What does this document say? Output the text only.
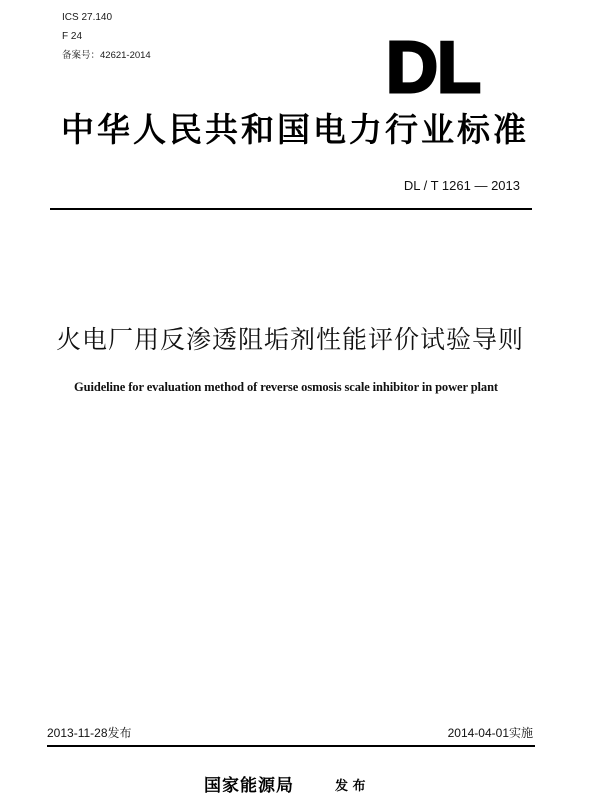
ICS 27.140
F 24
备案号：42621-2014	DL
中华人民共和国电力行业标准
DL / T 1261 — 2013
火电厂用反渗透阻垢剂性能评价试验导则
Guideline for evaluation method of reverse osmosis scale inhibitor in power plant
2013-11-28发布	2014-04-01实施
国家能源局	发 布
